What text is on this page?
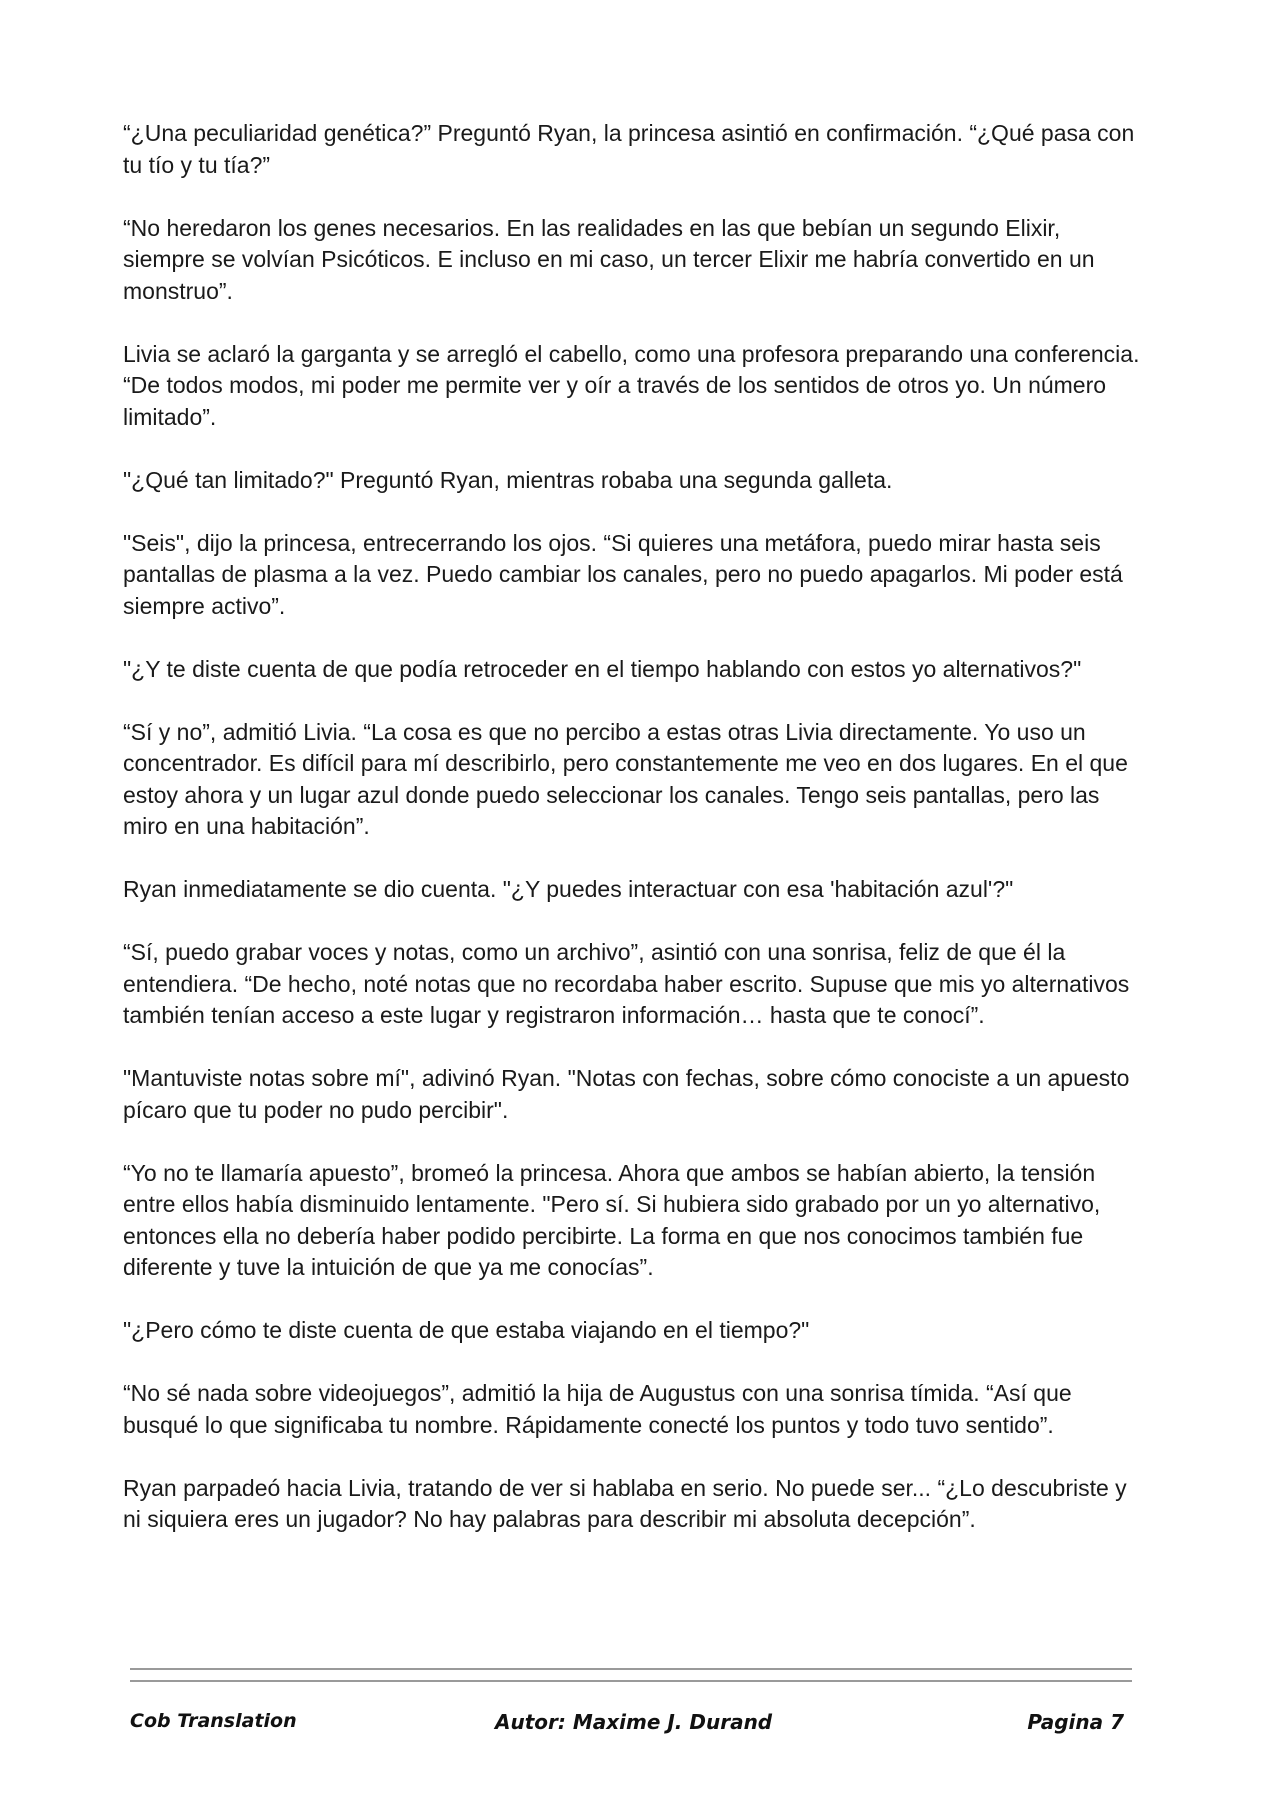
“¿Una peculiaridad genética?” Preguntó Ryan, la princesa asintió en confirmación. “¿Qué pasa con tu tío y tu tía?”

“No heredaron los genes necesarios. En las realidades en las que bebían un segundo Elixir, siempre se volvían Psicóticos. E incluso en mi caso, un tercer Elixir me habría convertido en un monstruo”.

Livia se aclaró la garganta y se arregló el cabello, como una profesora preparando una conferencia. “De todos modos, mi poder me permite ver y oír a través de los sentidos de otros yo. Un número limitado”.

"¿Qué tan limitado?" Preguntó Ryan, mientras robaba una segunda galleta.

"Seis", dijo la princesa, entrecerrando los ojos. “Si quieres una metáfora, puedo mirar hasta seis pantallas de plasma a la vez. Puedo cambiar los canales, pero no puedo apagarlos. Mi poder está siempre activo”.

"¿Y te diste cuenta de que podía retroceder en el tiempo hablando con estos yo alternativos?"

“Sí y no”, admitió Livia. “La cosa es que no percibo a estas otras Livia directamente. Yo uso un concentrador. Es difícil para mí describirlo, pero constantemente me veo en dos lugares. En el que estoy ahora y un lugar azul donde puedo seleccionar los canales. Tengo seis pantallas, pero las miro en una habitación”.

Ryan inmediatamente se dio cuenta. "¿Y puedes interactuar con esa 'habitación azul'?"

“Sí, puedo grabar voces y notas, como un archivo”, asintió con una sonrisa, feliz de que él la entendiera. “De hecho, noté notas que no recordaba haber escrito. Supuse que mis yo alternativos también tenían acceso a este lugar y registraron información… hasta que te conocí”.

"Mantuviste notas sobre mí", adivinó Ryan. "Notas con fechas, sobre cómo conociste a un apuesto pícaro que tu poder no pudo percibir".

“Yo no te llamaría apuesto”, bromeó la princesa. Ahora que ambos se habían abierto, la tensión entre ellos había disminuido lentamente. "Pero sí. Si hubiera sido grabado por un yo alternativo, entonces ella no debería haber podido percibirte. La forma en que nos conocimos también fue diferente y tuve la intuición de que ya me conocías”.

"¿Pero cómo te diste cuenta de que estaba viajando en el tiempo?"

“No sé nada sobre videojuegos”, admitió la hija de Augustus con una sonrisa tímida. “Así que busqué lo que significaba tu nombre. Rápidamente conecté los puntos y todo tuvo sentido”.

Ryan parpadeó hacia Livia, tratando de ver si hablaba en serio. No puede ser... “¿Lo descubriste y ni siquiera eres un jugador? No hay palabras para describir mi absoluta decepción”.

Cob Translation	Autor: Maxime J. Durand	Pagina 7
